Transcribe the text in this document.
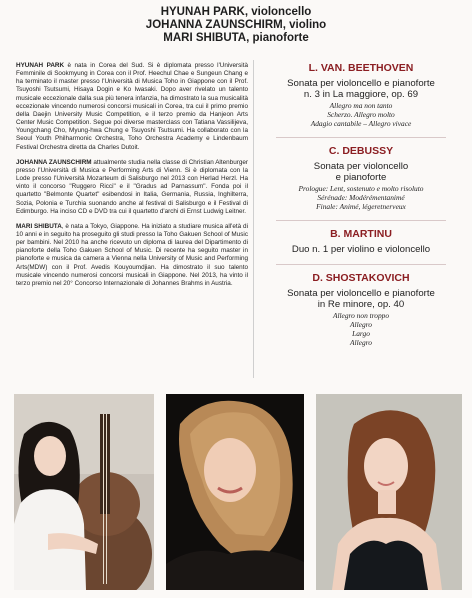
HYUNAH PARK, violoncello
JOHANNA ZAUNSCHIRM, violino
MARI SHIBUTA, pianoforte

HYUNAH PARK è nata in Corea del Sud. Si è diplomata presso l'Università Femminile di Sookmyung in Corea con il Prof. Heechul Chae e Sungeun Chang e ha terminato il master presso l'Università di Musica Toho in Giappone con il Prof. Tsuyoshi Tsutsumi, Hisaya Dogin e Ko Iwasaki. Dopo aver rivelato un talento musicale eccezionale dalla sua più tenera infanzia, ha dimostrato la sua musicalità eccezionale vincendo numerosi concorsi musicali in Corea, tra cui il primo premio della Daejin University Music Competition, e il terzo premio da Hanjeon Arts Center Music Competition. Segue poi diverse masterclass con Tatiana Vassilijeva, Youngchang Cho, Myung-hwa Chung e Tsuyoshi Tsutsumi. Ha collaborato con la Seoul Youth Philharmonic Orchestra, Toho Orchestra Academy e Lindenbaum Festival Orchestra diretta da Charles Dutoit.

JOHANNA ZAUNSCHIRM attualmente studia nella classe di Christian Altenburger presso l'Università di Musica e Performing Arts di Vienn. Si è diplomata con la Lode presso l'Università Mozarteum di Salisburgo nel 2013 con Herlad Herzl. Ha vinto il concorso "Ruggero Ricci" e il "Gradus ad Parnassum". Fonda poi il quartetto "Belmonte Quartet" esibendosi in Italia, Germania, Russia, Inghilterra, Sozia, Polonia e Turchia suonando anche al festival di Salisburgo e il Festival di Edimburgo. Ha inciso CD e DVD tra cui il quartetto d'archi di Ernst Ludwig Leitner.

MARI SHIBUTA, è nata a Tokyo, Giappone. Ha iniziato a studiare musica all'età di 10 anni e in seguito ha proseguito gli studi presso la Toho Gakuen School of Music per bambini. Nel 2010 ha anche ricevuto un diploma di laurea del Dipartimento di pianoforte della Toho Gakuen School of Music. Di recente ha seguito master in pianoforte e musica da camera a Vienna nella University of Music and Performing Arts(MDW) con il Prof. Avedis Kouyoumdjian. Ha dimostrato il suo talento musicale vincendo numerosi concorsi musicali in Giappone. Nel 2013, ha vinto il terzo premio nel 20° Concorso Internazionale di Johannes Brahms in Austria.

L. VAN. BEETHOVEN
Sonata per violoncello e pianoforte
n. 3 in La maggiore, op. 69
Allegro ma non tanto
Scherzo. Allegro molto
Adagio cantabile – Allegro vivace
C. DEBUSSY
Sonata per violoncello
e pianoforte
Prologue: Lent, sostenuto e molto risoluto
Sérénade: Modérémentanimé
Finale: Animé, légeretnerveux
B. MARTINU
Duo n. 1 per violino e violoncello
D. SHOSTAKOVICH
Sonata per violoncello e pianoforte
in Re minore, op. 40
Allegro non troppo
Allegro
Largo
Allegro
